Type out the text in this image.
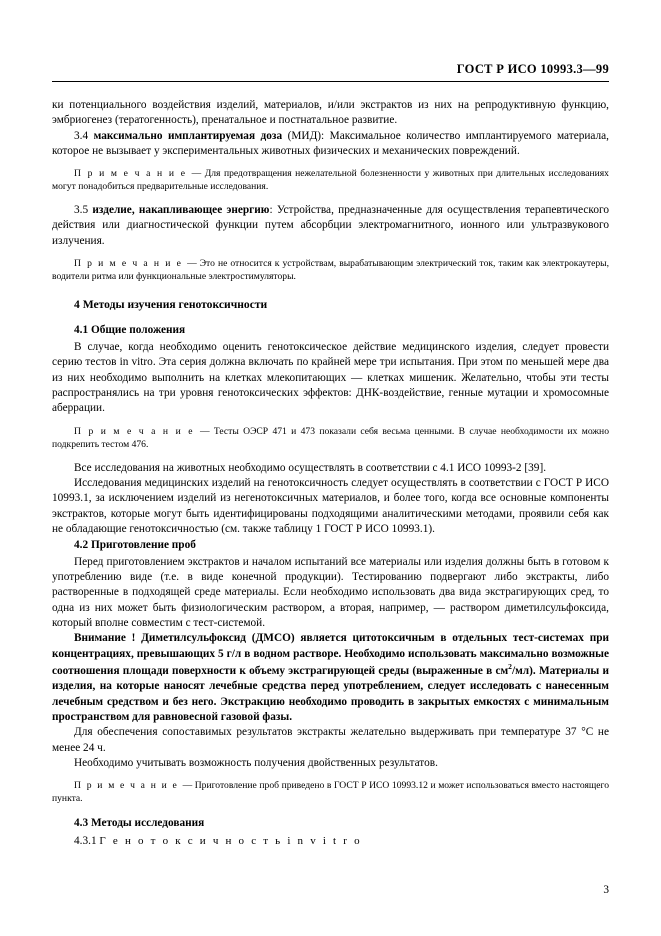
ГОСТ Р ИСО 10993.3—99

ки потенциального воздействия изделий, материалов, и/или экстрактов из них на репродуктивную функцию, эмбриогенез (тератогенность), пренатальное и постнатальное развитие.

3.4 максимально имплантируемая доза (МИД): Максимальное количество имплантируемого материала, которое не вызывает у экспериментальных животных физических и механических повреждений.

П р и м е ч а н и е — Для предотвращения нежелательной болезненности у животных при длительных исследованиях могут понадобиться предварительные исследования.

3.5 изделие, накапливающее энергию: Устройства, предназначенные для осуществления терапевтического действия или диагностической функции путем абсорбции электромагнитного, ионного или ультразвукового излучения.

П р и м е ч а н и е — Это не относится к устройствам, вырабатывающим электрический ток, таким как электрокаутеры, водители ритма или функциональные электростимуляторы.

4 Методы изучения генотоксичности

4.1 Общие положения

В случае, когда необходимо оценить генотоксическое действие медицинского изделия, следует провести серию тестов in vitro. Эта серия должна включать по крайней мере три испытания. При этом по меньшей мере два из них необходимо выполнить на клетках млекопитающих — клетках мишеник. Желательно, чтобы эти тесты распространялись на три уровня генотоксических эффектов: ДНК-воздействие, генные мутации и хромосомные аберрации.

П р и м е ч а н и е — Тесты ОЭСР 471 и 473 показали себя весьма ценными. В случае необходимости их можно подкрепить тестом 476.

Все исследования на животных необходимо осуществлять в соответствии с 4.1 ИСО 10993-2 [39].

Исследования медицинских изделий на генотоксичность следует осуществлять в соответствии с ГОСТ Р ИСО 10993.1, за исключением изделий из негенотоксичных материалов, и более того, когда все основные компоненты экстрактов, которые могут быть идентифицированы подходящими аналитическими методами, проявили себя как не обладающие генотоксичностью (см. также таблицу 1 ГОСТ Р ИСО 10993.1).

4.2 Приготовление проб

Перед приготовлением экстрактов и началом испытаний все материалы или изделия должны быть в готовом к употреблению виде (т.е. в виде конечной продукции). Тестированию подвергают либо экстракты, либо растворенные в подходящей среде материалы. Если необходимо использовать два вида экстрагирующих сред, то одна из них может быть физиологическим раствором, а вторая, например, — раствором диметилсульфоксида, который вполне совместим с тест-системой.

Внимание ! Диметилсульфоксид (ДМСО) является цитотоксичным в отдельных тест-системах при концентрациях, превышающих 5 г/л в водном растворе. Необходимо использовать максимально возможные соотношения площади поверхности к объему экстрагирующей среды (выраженные в $см^2/мл$). Материалы и изделия, на которые наносят лечебные средства перед употреблением, следует исследовать с нанесенным лечебным средством и без него. Экстракцию необходимо проводить в закрытых емкостях с минимальным пространством для равновесной газовой фазы.

Для обеспечения сопоставимых результатов экстракты желательно выдерживать при температуре 37 °С не менее 24 ч.

Необходимо учитывать возможность получения двойственных результатов.

П р и м е ч а н и е — Приготовление проб приведено в ГОСТ Р ИСО 10993.12 и может использоваться вместо настоящего пункта.

4.3 Методы исследования

4.3.1 Г е н о т о к с и ч н о с т ь i n v i t r o

3
